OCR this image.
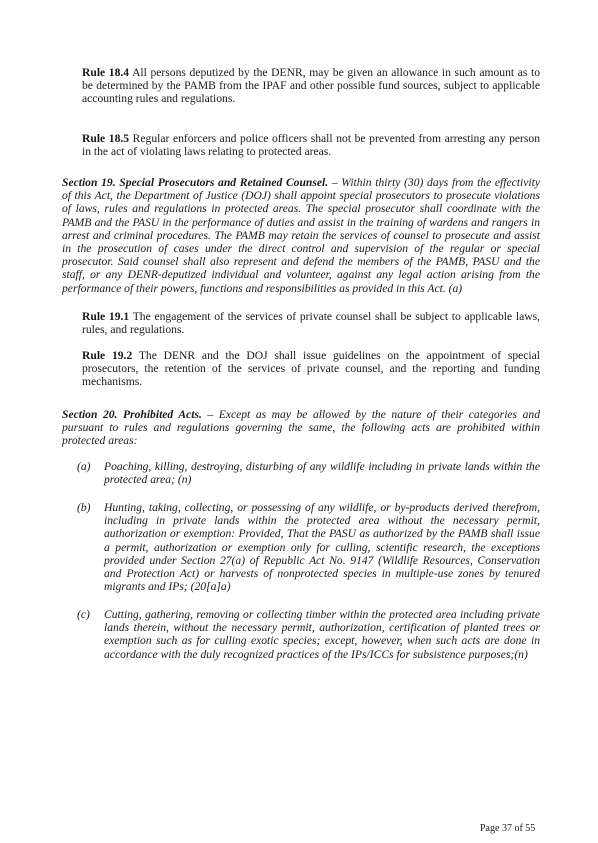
Rule 18.4 All persons deputized by the DENR, may be given an allowance in such amount as to be determined by the PAMB from the IPAF and other possible fund sources, subject to applicable accounting rules and regulations.
Rule 18.5 Regular enforcers and police officers shall not be prevented from arresting any person in the act of violating laws relating to protected areas.
Section 19. Special Prosecutors and Retained Counsel. – Within thirty (30) days from the effectivity of this Act, the Department of Justice (DOJ) shall appoint special prosecutors to prosecute violations of laws, rules and regulations in protected areas. The special prosecutor shall coordinate with the PAMB and the PASU in the performance of duties and assist in the training of wardens and rangers in arrest and criminal procedures. The PAMB may retain the services of counsel to prosecute and assist in the prosecution of cases under the direct control and supervision of the regular or special prosecutor. Said counsel shall also represent and defend the members of the PAMB, PASU and the staff, or any DENR-deputized individual and volunteer, against any legal action arising from the performance of their powers, functions and responsibilities as provided in this Act. (a)
Rule 19.1 The engagement of the services of private counsel shall be subject to applicable laws, rules, and regulations.
Rule 19.2 The DENR and the DOJ shall issue guidelines on the appointment of special prosecutors, the retention of the services of private counsel, and the reporting and funding mechanisms.
Section 20. Prohibited Acts. – Except as may be allowed by the nature of their categories and pursuant to rules and regulations governing the same, the following acts are prohibited within protected areas:
(a) Poaching, killing, destroying, disturbing of any wildlife including in private lands within the protected area; (n)
(b) Hunting, taking, collecting, or possessing of any wildlife, or by-products derived therefrom, including in private lands within the protected area without the necessary permit, authorization or exemption: Provided, That the PASU as authorized by the PAMB shall issue a permit, authorization or exemption only for culling, scientific research, the exceptions provided under Section 27(a) of Republic Act No. 9147 (Wildlife Resources, Conservation and Protection Act) or harvests of nonprotected species in multiple-use zones by tenured migrants and IPs; (20[a]a)
(c) Cutting, gathering, removing or collecting timber within the protected area including private lands therein, without the necessary permit, authorization, certification of planted trees or exemption such as for culling exotic species; except, however, when such acts are done in accordance with the duly recognized practices of the IPs/ICCs for subsistence purposes;(n)
Page 37 of 55
